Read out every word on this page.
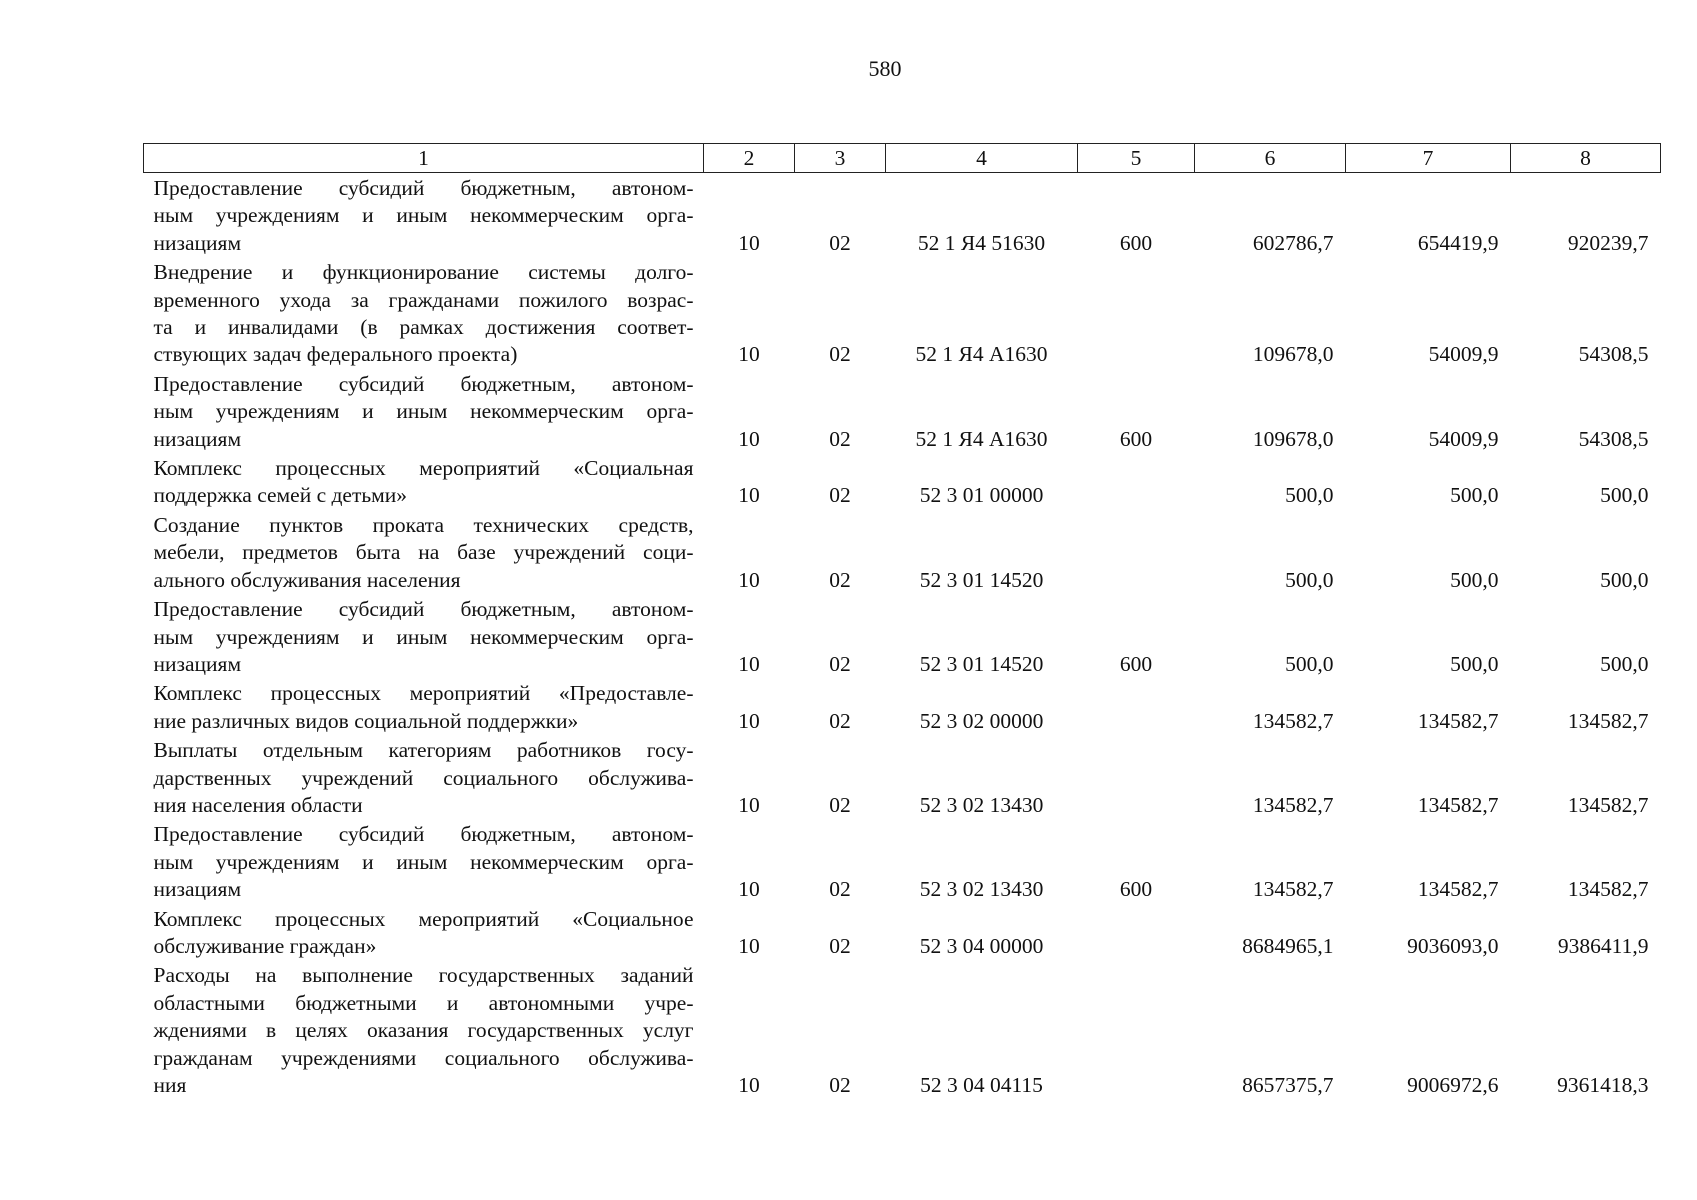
580
1	2	3	4	5	6	7	8

Предоставление субсидий бюджетным, автоном-
ным учреждениям и иным некоммерческим орга-
низациям	10	02	52 1 Я4 51630	600	602786,7	654419,9	920239,7

Внедрение и функционирование системы долго-
временного ухода за гражданами пожилого возрас-
та и инвалидами (в рамках достижения соответ-
ствующих задач федерального проекта)	10	02	52 1 Я4 А1630		109678,0	54009,9	54308,5

Предоставление субсидий бюджетным, автоном-
ным учреждениям и иным некоммерческим орга-
низациям	10	02	52 1 Я4 А1630	600	109678,0	54009,9	54308,5

Комплекс процессных мероприятий «Социальная
поддержка семей с детьми»	10	02	52 3 01 00000		500,0	500,0	500,0

Создание пунктов проката технических средств,
мебели, предметов быта на базе учреждений соци-
ального обслуживания населения	10	02	52 3 01 14520		500,0	500,0	500,0

Предоставление субсидий бюджетным, автоном-
ным учреждениям и иным некоммерческим орга-
низациям	10	02	52 3 01 14520	600	500,0	500,0	500,0

Комплекс процессных мероприятий «Предоставле-
ние различных видов социальной поддержки»	10	02	52 3 02 00000		134582,7	134582,7	134582,7

Выплаты отдельным категориям работников госу-
дарственных учреждений социального обслужива-
ния населения области	10	02	52 3 02 13430		134582,7	134582,7	134582,7

Предоставление субсидий бюджетным, автоном-
ным учреждениям и иным некоммерческим орга-
низациям	10	02	52 3 02 13430	600	134582,7	134582,7	134582,7

Комплекс процессных мероприятий «Социальное
обслуживание граждан»	10	02	52 3 04 00000		8684965,1	9036093,0	9386411,9

Расходы на выполнение государственных заданий
областными бюджетными и автономными учре-
ждениями в целях оказания государственных услуг
гражданам учреждениями социального обслужива-
ния	10	02	52 3 04 04115		8657375,7	9006972,6	9361418,3
